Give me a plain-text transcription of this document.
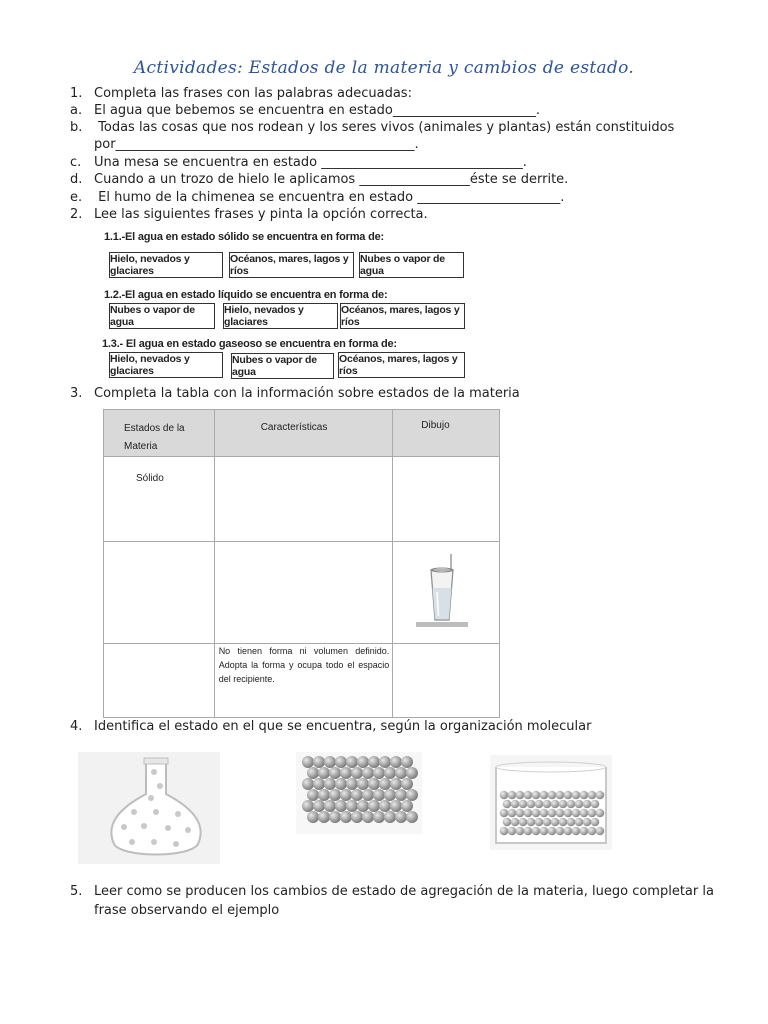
Actividades: Estados de la materia y cambios de estado.
1. Completa las frases con las palabras adecuadas:
a. El agua que bebemos se encuentra en estado______________________.
b. Todas las cosas que nos rodean y los seres vivos (animales y plantas) están constituidos
por______________________________________________.
c. Una mesa se encuentra en estado _______________________________.
d. Cuando a un trozo de hielo le aplicamos _________________éste se derrite.
e. El humo de la chimenea se encuentra en estado ______________________.
2. Lee las siguientes frases y pinta la opción correcta.
1.1.-El agua en estado sólido se encuentra en forma de:
Hielo, nevados y glaciares
Océanos, mares, lagos y ríos
Nubes o vapor de agua
1.2.-El agua en estado líquido se encuentra en forma de:
Nubes o vapor de agua
Hielo, nevados y glaciares
Océanos, mares, lagos y ríos
1.3.- El agua en estado gaseoso se encuentra en forma de:
Hielo, nevados y glaciares
Nubes o vapor de agua
Océanos, mares, lagos y ríos
3. Completa la tabla con la información sobre estados de la materia
Estados de la Materia	Características	Dibujo
Sólido		

	No tienen forma ni volumen definido. Adopta la forma y ocupa todo el espacio del recipiente.	
4. Identifica el estado en el que se encuentra, según la organización molecular
5. Leer como se producen los cambios de estado de agregación de la materia, luego completar la
frase observando el ejemplo
